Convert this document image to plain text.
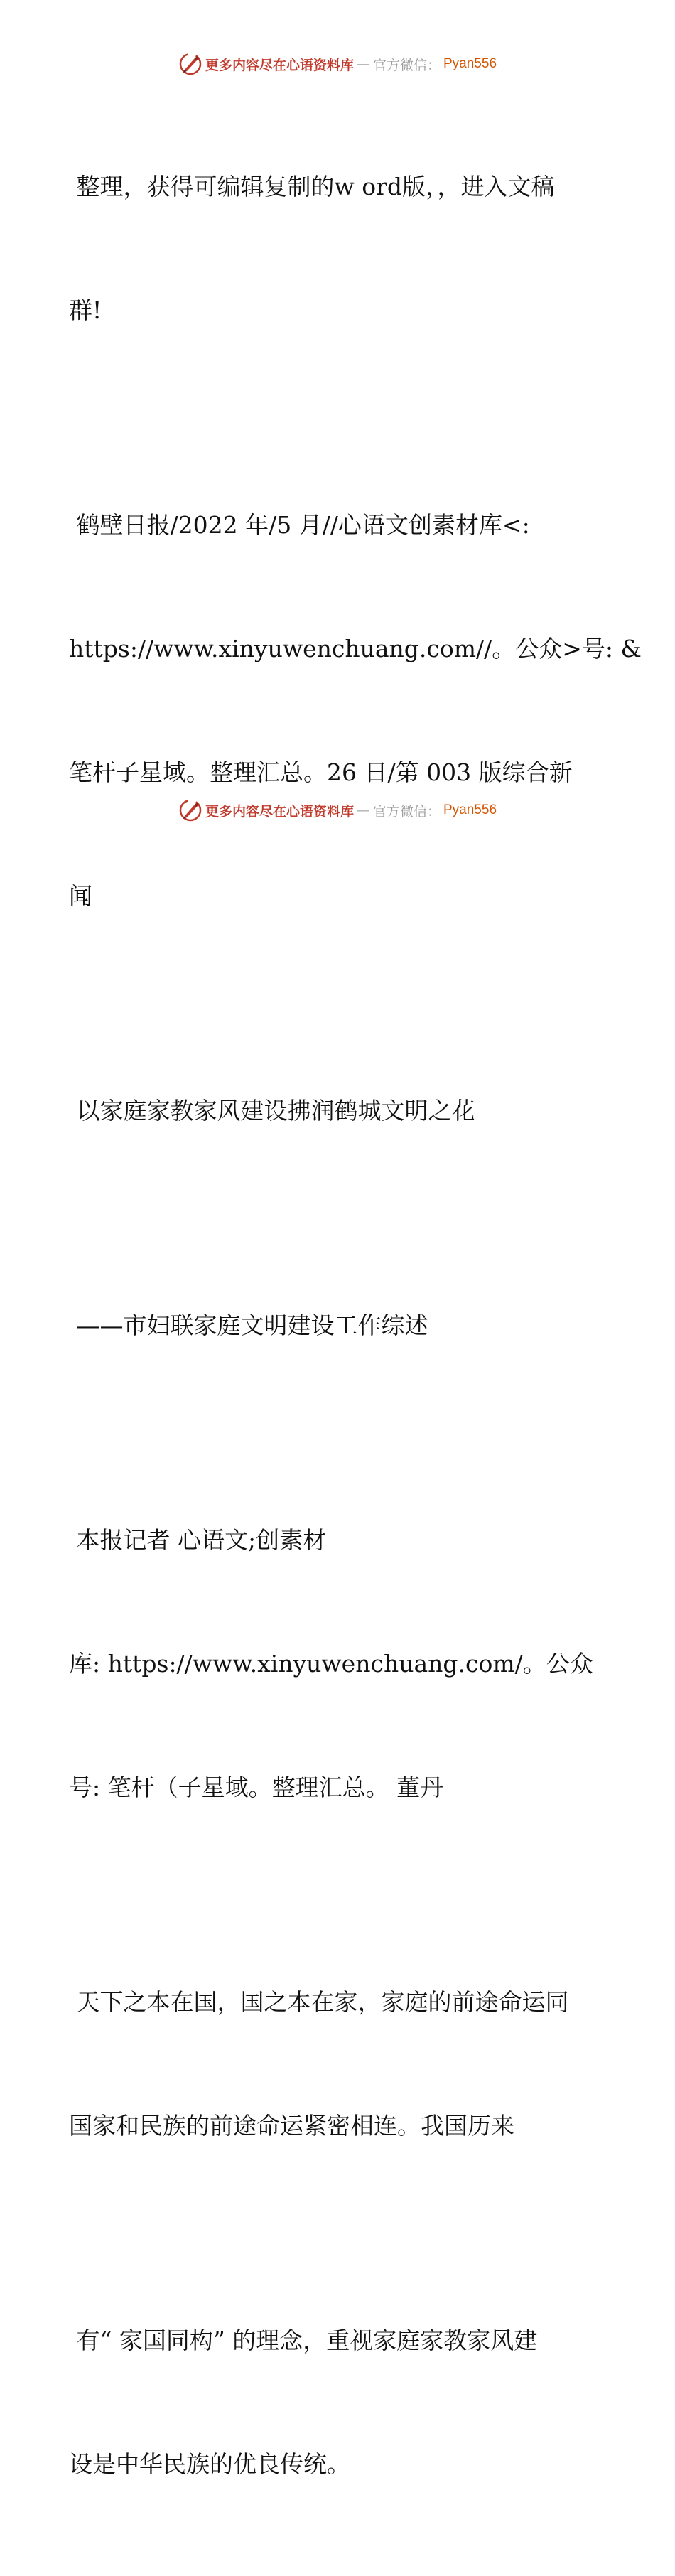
更多内容尽在心语资料库 — 官方微信： Pyan556

整理，获得可编辑复制的w ord版，，进入文稿

群!

鹤壁日报/2022 年/5 月//心语文创素材库<:

https://www.xinyuwenchuang.com//。公众>号: &

笔杆子星域。整理汇总。26 日/第 003 版综合新

闻

以家庭家教家风建设拂润鹤城文明之花

——市妇联家庭文明建设工作综述

本报记者 心语文;创素材

库: https://www.xinyuwenchuang.com/。公众

号: 笔杆（子星域。整理汇总。 董丹

天下之本在国，国之本在家，家庭的前途命运同

国家和民族的前途命运紧密相连。我国历来

有“ 家国同构” 的理念，重视家庭家教家风建

设是中华民族的优良传统。

更多内容尽在心语资料库 — 官方微信： Pyan556
